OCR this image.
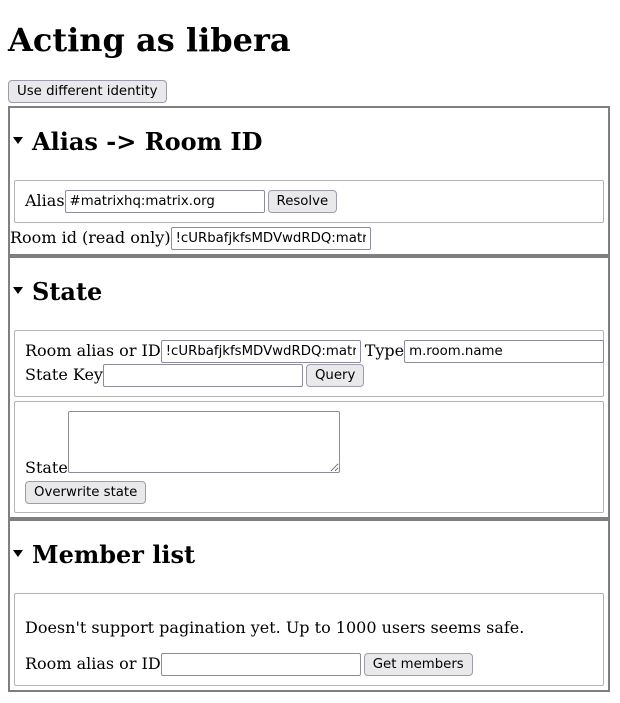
Acting as libera
Use different identity
Alias -> Room ID
Alias#matrixhq:matrix.org	Resolve
Room id (read only)!cURbafjkfsMDVwdRDQ:matrix.
State
Room alias or ID!cURbafjkfsMDVwdRDQ:matrix.	Typem.room.name
State Key	Query
State
Overwrite state
Member list

Doesn't support pagination yet. Up to 1000 users seems safe.

Room alias or ID	Get members
